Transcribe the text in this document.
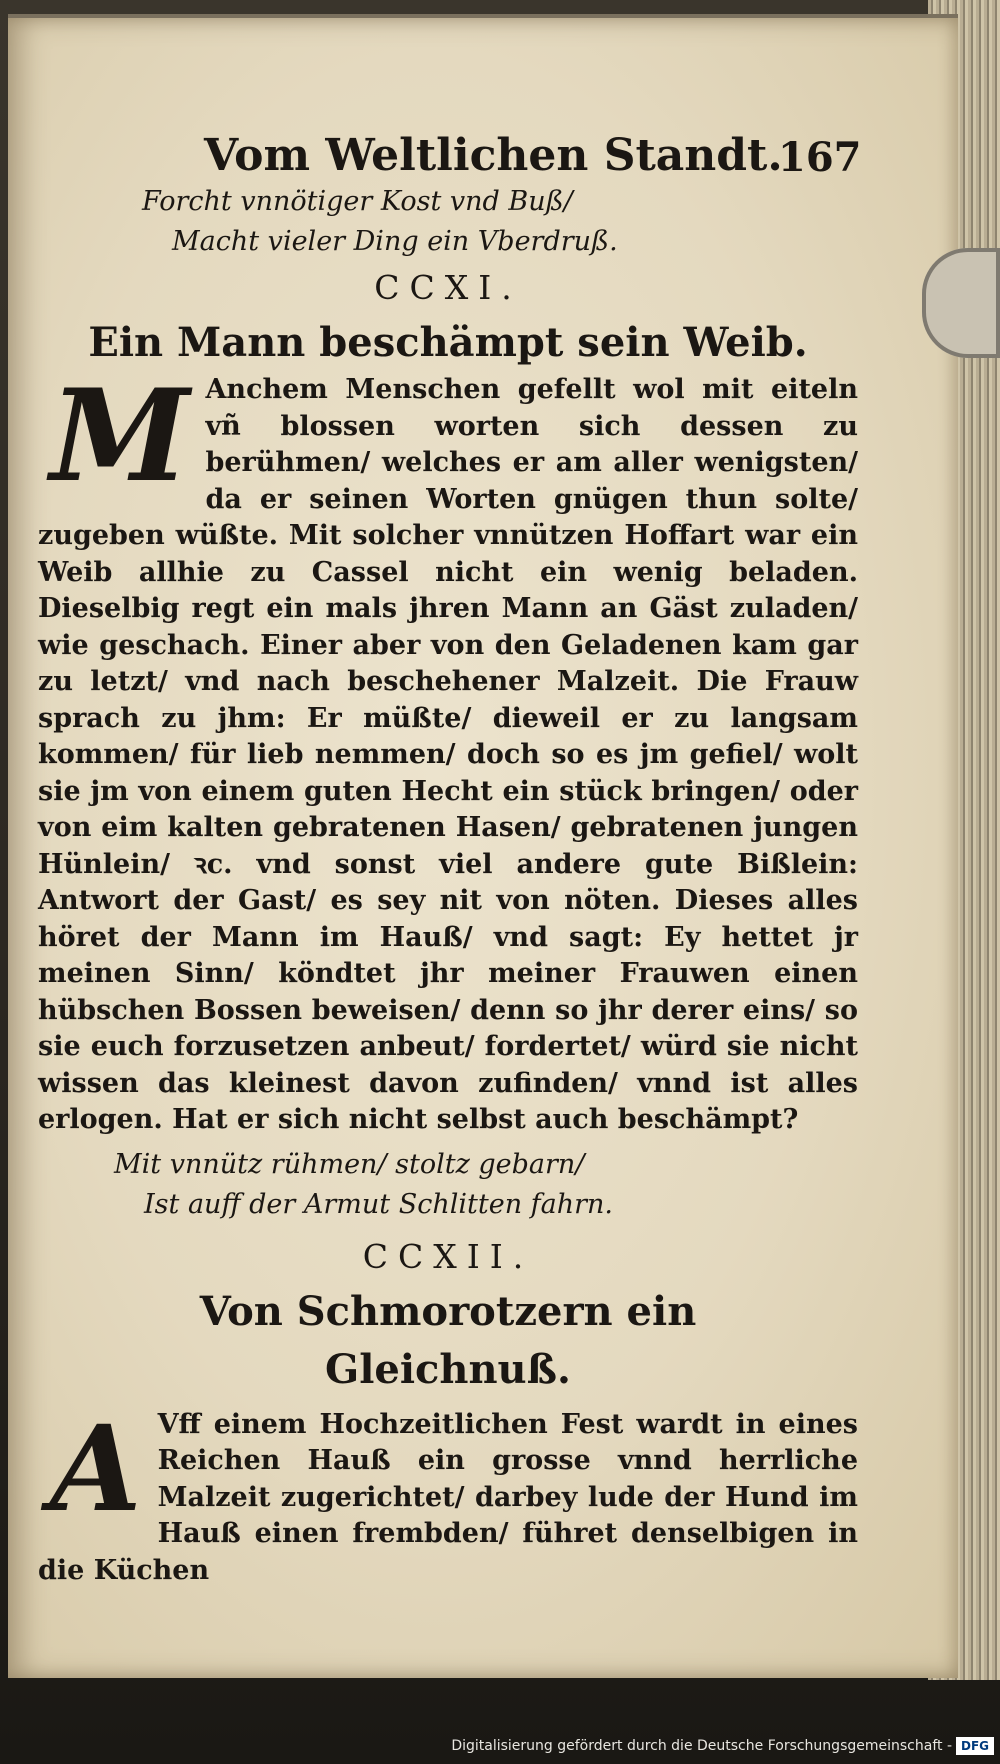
Vom Weltlichen Standt.
167
Forcht vnnötiger Kost vnd Buß/
Macht vieler Ding ein Vberdruß.
CCXI.
Ein Mann beschämpt sein Weib.
M Anchem Menschen gefellt wol mit eiteln vñ blossen worten sich dessen zu berühmen/ welches er am aller wenigsten/ da er seinen Worten gnügen thun solte/ zugeben wüßte. Mit solcher vnnützen Hoffart war ein Weib allhie zu Cassel nicht ein wenig beladen. Dieselbig regt ein mals jhren Mann an Gäst zuladen/ wie geschach. Einer aber von den Geladenen kam gar zu letzt/ vnd nach beschehener Malzeit. Die Frauw sprach zu jhm: Er müßte/ dieweil er zu langsam kommen/ für lieb nemmen/ doch so es jm gefiel/ wolt sie jm von einem guten Hecht ein stück bringen/ oder von eim kalten gebratenen Hasen/ gebratenen jungen Hünlein/ ꝛc. vnd sonst viel andere gute Bißlein: Antwort der Gast/ es sey nit von nöten. Dieses alles höret der Mann im Hauß/ vnd sagt: Ey hettet jr meinen Sinn/ köndtet jhr meiner Frauwen einen hübschen Bossen beweisen/ denn so jhr derer eins/ so sie euch forzusetzen anbeut/ fordertet/ würd sie nicht wissen das kleinest davon zufinden/ vnnd ist alles erlogen. Hat er sich nicht selbst auch beschämpt?
Mit vnnütz rühmen/ stoltz gebarn/
Ist auff der Armut Schlitten fahrn.
CCXII.
Von Schmorotzern ein Gleichnuß.
A Vff einem Hochzeitlichen Fest wardt in eines Reichen Hauß ein grosse vnnd herrliche Malzeit zugerichtet/ darbey lude der Hund im Hauß einen frembden/ führet denselbigen in die Küchen
Digitalisierung gefördert durch die Deutsche Forschungsgemeinschaft - DFG
